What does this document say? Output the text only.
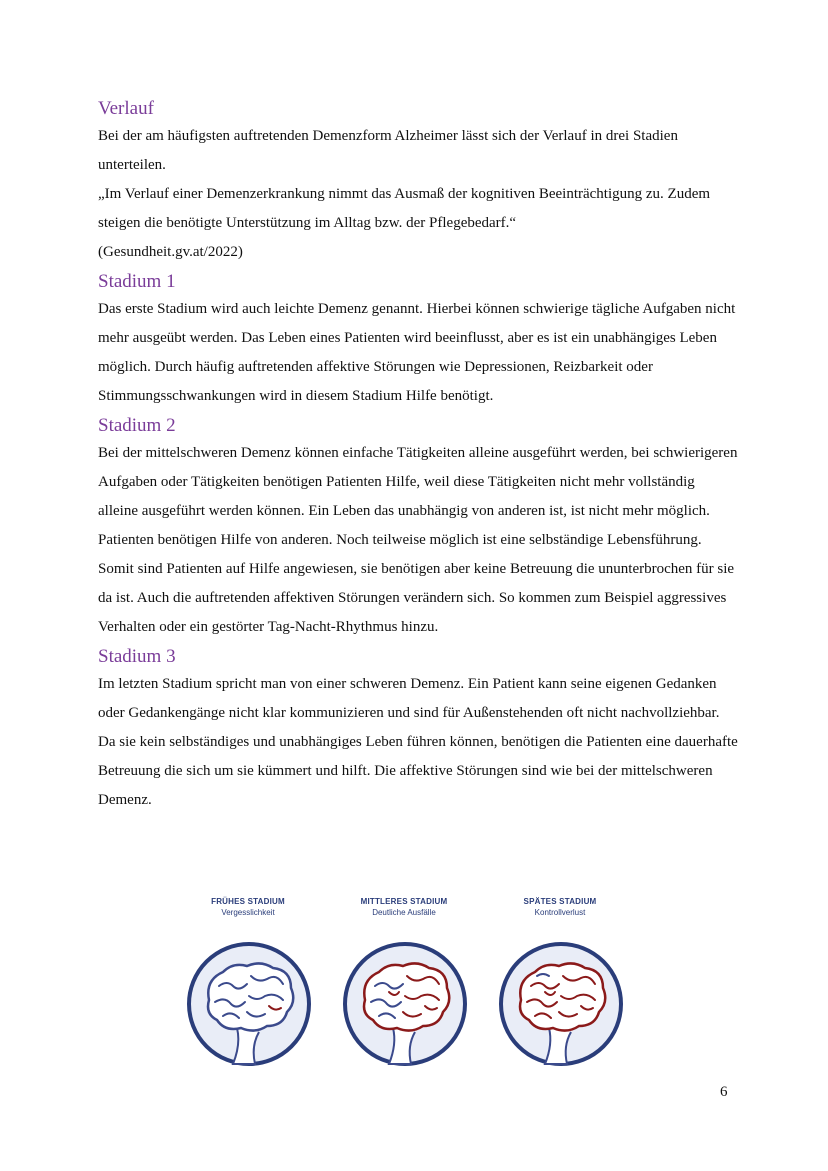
Verlauf

Bei der am häufigsten auftretenden Demenzform Alzheimer lässt sich der Verlauf in drei Stadien unterteilen.

„Im Verlauf einer Demenzerkrankung nimmt das Ausmaß der kognitiven Beeinträchtigung zu. Zudem steigen die benötigte Unterstützung im Alltag bzw. der Pflegebedarf.“

(Gesundheit.gv.at/2022)

Stadium 1

Das erste Stadium wird auch leichte Demenz genannt. Hierbei können schwierige tägliche Aufgaben nicht mehr ausgeübt werden. Das Leben eines Patienten wird beeinflusst, aber es ist ein unabhängiges Leben möglich. Durch häufig auftretenden affektive Störungen wie Depressionen, Reizbarkeit oder Stimmungsschwankungen wird in diesem Stadium Hilfe benötigt.

Stadium 2

Bei der mittelschweren Demenz können einfache Tätigkeiten alleine ausgeführt werden, bei schwierigeren Aufgaben oder Tätigkeiten benötigen Patienten Hilfe, weil diese Tätigkeiten nicht mehr vollständig alleine ausgeführt werden können. Ein Leben das unabhängig von anderen ist, ist nicht mehr möglich. Patienten benötigen Hilfe von anderen. Noch teilweise möglich ist eine selbständige Lebensführung. Somit sind Patienten auf Hilfe angewiesen, sie benötigen aber keine Betreuung die ununterbrochen für sie da ist. Auch die auftretenden affektiven Störungen verändern sich. So kommen zum Beispiel aggressives Verhalten oder ein gestörter Tag-Nacht-Rhythmus hinzu.

Stadium 3

Im letzten Stadium spricht man von einer schweren Demenz. Ein Patient kann seine eigenen Gedanken oder Gedankengänge nicht klar kommunizieren und sind für Außenstehenden oft nicht nachvollziehbar. Da sie kein selbständiges und unabhängiges Leben führen können, benötigen die Patienten eine dauerhafte Betreuung die sich um sie kümmert und hilft. Die affektive Störungen sind wie bei der mittelschweren Demenz.

FRÜHES STADIUM
Vergesslichkeit
MITTLERES STADIUM
Deutliche Ausfälle
SPÄTES STADIUM
Kontrollverlust
6
